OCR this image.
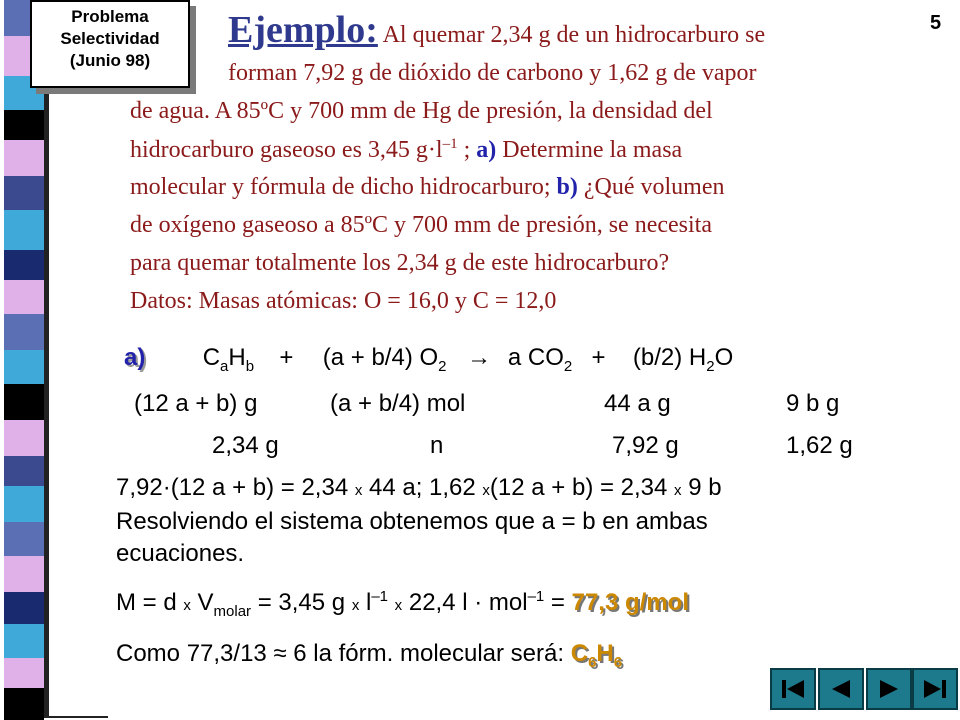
Problema
Selectividad
(Junio 98)
5
Ejemplo: Al quemar 2,34 g de un hidrocarburo se
forman 7,92 g de dióxido de carbono y 1,62 g de vapor
de agua. A 85ºC y 700 mm de Hg de presión, la densidad del
hidrocarburo gaseoso es 3,45 $g\cdot l^{-1}$ ; a) Determine la masa
molecular y fórmula de dicho hidrocarburo; b) ¿Qué volumen
de oxígeno gaseoso a 85ºC y 700 mm de presión, se necesita
para quemar totalmente los 2,34 g de este hidrocarburo?
Datos: Masas atómicas: O = 16,0 y C = 12,0
a) $C_aH_b + (a + b/4) O_2 \to a$ $CO_2 + (b/2)$ $H_2O$
(12 a + b) g	(a + b/4) mol	44 a g	9 b g
2,34 g	n	7,92 g	1,62 g
7,92·(12 a + b) = 2,34 x 44 a; 1,62 x(12 a + b) = 2,34 x 9 b
Resolviendo el sistema obtenemos que a = b en ambas
ecuaciones.
M = d x $V_{molar} = 3,45$ g x $l^{-1}$ x 22,4 l · mol$^{-1}$ = 77,3 g/mol
Como 77,3/13 ≈ 6 la fórm. molecular será: $C_6H_6$
